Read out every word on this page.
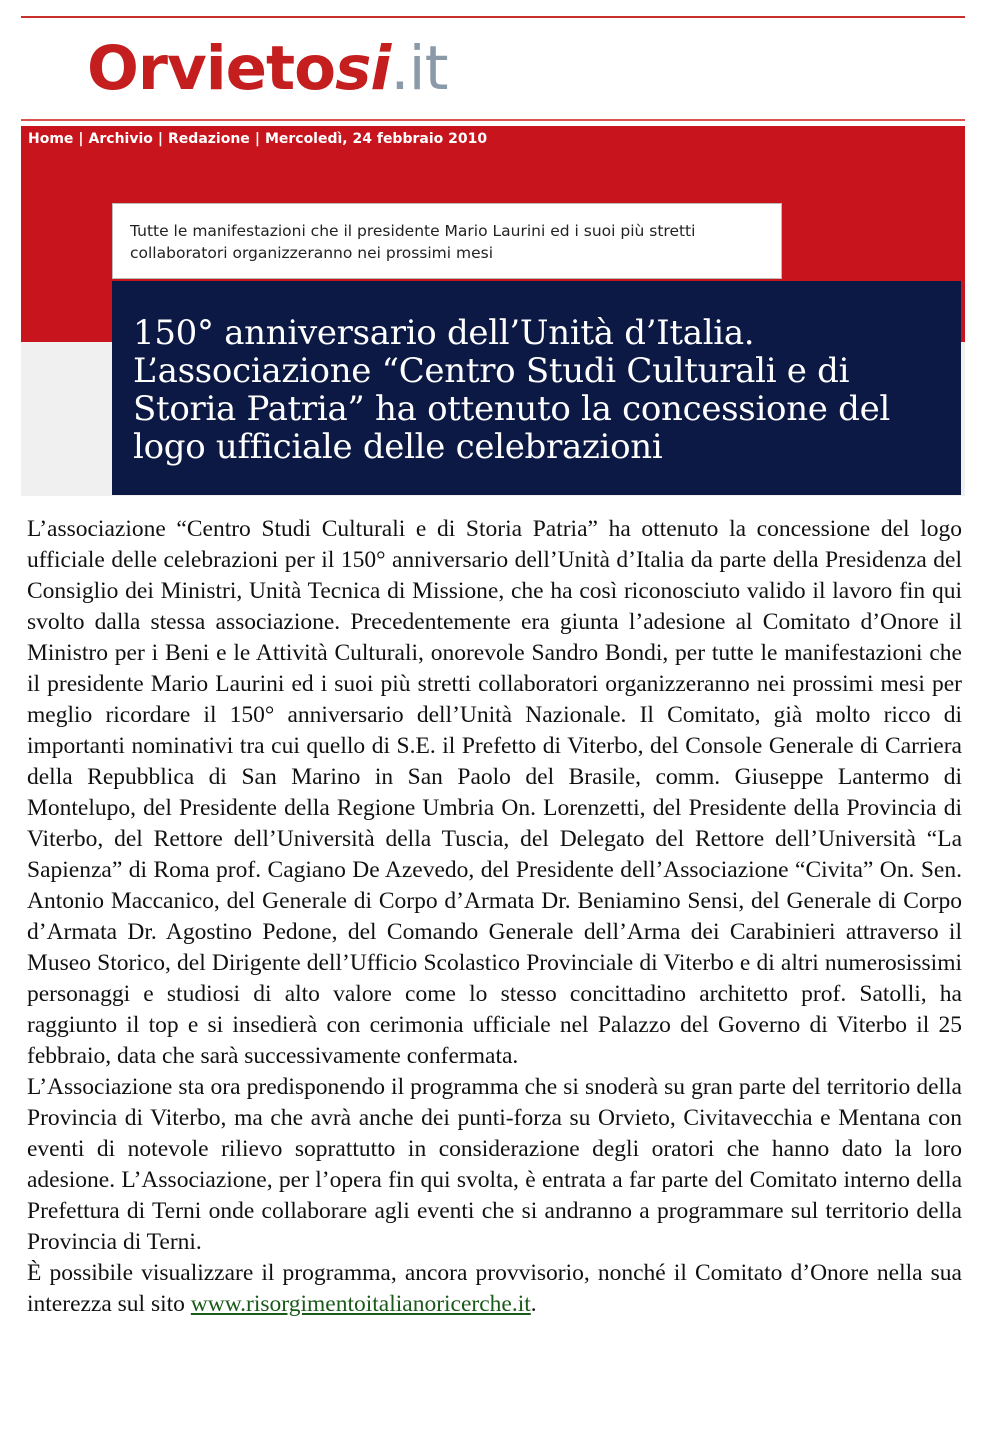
Orvietosi.it
Home | Archivio | Redazione | Mercoledì, 24 febbraio 2010
Tutte le manifestazioni che il presidente Mario Laurini ed i suoi più stretti collaboratori organizzeranno nei prossimi mesi
150° anniversario dell’Unità d’Italia. L’associazione “Centro Studi Culturali e di Storia Patria” ha ottenuto la concessione del logo ufficiale delle celebrazioni

L’associazione “Centro Studi Culturali e di Storia Patria” ha ottenuto la concessione del logo ufficiale delle celebrazioni per il 150° anniversario dell’Unità d’Italia da parte della Presidenza del Consiglio dei Ministri, Unità Tecnica di Missione, che ha così riconosciuto valido il lavoro fin qui svolto dalla stessa associazione. Precedentemente era giunta l’adesione al Comitato d’Onore il Ministro per i Beni e le Attività Culturali, onorevole Sandro Bondi, per tutte le manifestazioni che il presidente Mario Laurini ed i suoi più stretti collaboratori organizzeranno nei prossimi mesi per meglio ricordare il 150° anniversario dell’Unità Nazionale. Il Comitato, già molto ricco di importanti nominativi tra cui quello di S.E. il Prefetto di Viterbo, del Console Generale di Carriera della Repubblica di San Marino in San Paolo del Brasile, comm. Giuseppe Lantermo di Montelupo, del Presidente della Regione Umbria On. Lorenzetti, del Presidente della Provincia di Viterbo, del Rettore dell’Università della Tuscia, del Delegato del Rettore dell’Università “La Sapienza” di Roma prof. Cagiano De Azevedo, del Presidente dell’Associazione “Civita” On. Sen. Antonio Maccanico, del Generale di Corpo d’Armata Dr. Beniamino Sensi, del Generale di Corpo d’Armata Dr. Agostino Pedone, del Comando Generale dell’Arma dei Carabinieri attraverso il Museo Storico, del Dirigente dell’Ufficio Scolastico Provinciale di Viterbo e di altri numerosissimi personaggi e studiosi di alto valore come lo stesso concittadino architetto prof. Satolli, ha raggiunto il top e si insedierà con cerimonia ufficiale nel Palazzo del Governo di Viterbo il 25 febbraio, data che sarà successivamente confermata.

L’Associazione sta ora predisponendo il programma che si snoderà su gran parte del territorio della Provincia di Viterbo, ma che avrà anche dei punti-forza su Orvieto, Civitavecchia e Mentana con eventi di notevole rilievo soprattutto in considerazione degli oratori che hanno dato la loro adesione. L’Associazione, per l’opera fin qui svolta, è entrata a far parte del Comitato interno della Prefettura di Terni onde collaborare agli eventi che si andranno a programmare sul territorio della Provincia di Terni.

È possibile visualizzare il programma, ancora provvisorio, nonché il Comitato d’Onore nella sua interezza sul sito www.risorgimentoitalianoricerche.it.
